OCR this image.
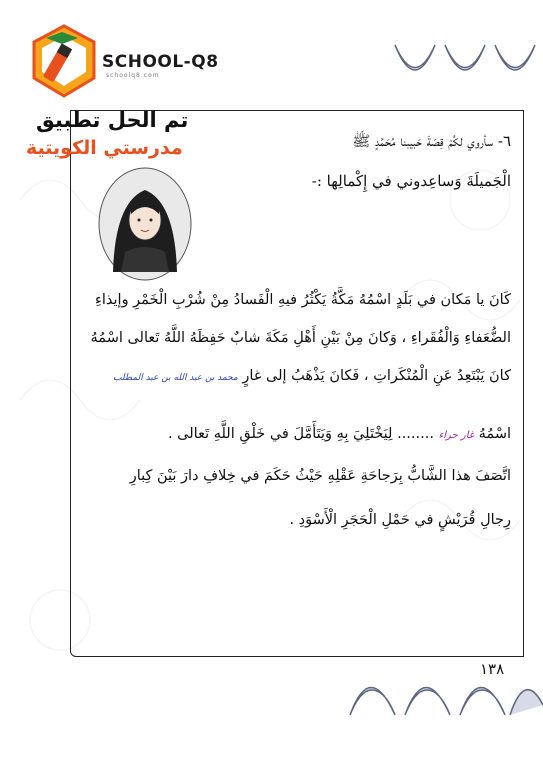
SCHOOL-Q8
schoolq8.com
تم الحل تطبيق
مدرستي الكويتية	٦- سأروي لكُمْ قِصّةَ حَبيبنا مُحَمَّدٍ ﷺ
الْجَميلَةَ وَساعِدوني في إِكْمالِها :-
كَانَ يا مَكان في بَلَدٍ اسْمُهُ مَكَّةُ يَكْثُرُ فيهِ الْفَسادُ مِنْ شُرْبِ الْخَمْرِ وإيذاءِ
الضُّعَفاءِ وَالْفُقَراءِ ، وَكانَ مِنْ بَيْنِ أَهْلِ مَكَةَ شابٌ حَفِظَهُ اللَّهُ تَعالى اسْمُهُ
كانَ يَبْتَعِدُ عَنِ الْمُنْكَراتِ ، فَكانَ يَذْهَبُ إلى غارٍ محمد بن عبد الله بن عبد المطلب
اسْمُهُ غار حراء ........ لِيَخْتَلِيَ بِهِ وَيَتَأَمَّلَ في خَلْقِ اللَّهِ تَعالى .
اتَّصَفَ هذا الشَّابُّ بِرَجاحَةِ عَقْلِهِ حَيْثُ حَكَمَ في خِلافِ دارَ بَيْنَ كِبارِ
رِجالِ قُرَيْشٍ في حَمْلِ الْحَجَرِ الْأَسْوَدِ .
١٣٨
